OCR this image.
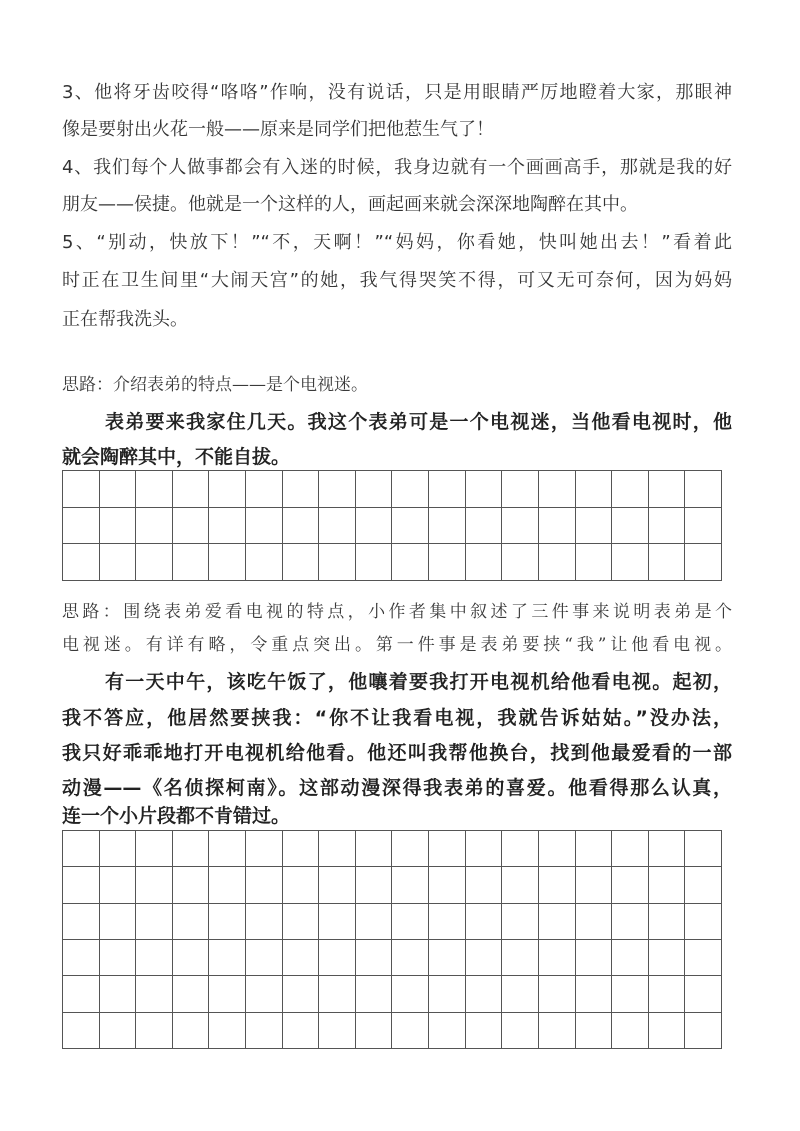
3、他将牙齿咬得“咯咯”作响，没有说话，只是用眼睛严厉地瞪着大家，那眼神
像是要射出火花一般——原来是同学们把他惹生气了！
4、我们每个人做事都会有入迷的时候，我身边就有一个画画高手，那就是我的好
朋友——侯捷。他就是一个这样的人，画起画来就会深深地陶醉在其中。
5、“别动，快放下！”“不，天啊！”“妈妈，你看她，快叫她出去！”看着此
时正在卫生间里“大闹天宫”的她，我气得哭笑不得，可又无可奈何，因为妈妈
正在帮我洗头。
思路：介绍表弟的特点——是个电视迷。
表弟要来我家住几天。我这个表弟可是一个电视迷，当他看电视时，他
就会陶醉其中，不能自拔。
思路：围绕表弟爱看电视的特点，小作者集中叙述了三件事来说明表弟是个
电视迷。有详有略，令重点突出。第一件事是表弟要挟“我”让他看电视。
有一天中午，该吃午饭了，他嚷着要我打开电视机给他看电视。起初，
我不答应，他居然要挟我：“你不让我看电视，我就告诉姑姑。”没办法，
我只好乖乖地打开电视机给他看。他还叫我帮他换台，找到他最爱看的一部
动漫——《名侦探柯南》。这部动漫深得我表弟的喜爱。他看得那么认真，
连一个小片段都不肯错过。
